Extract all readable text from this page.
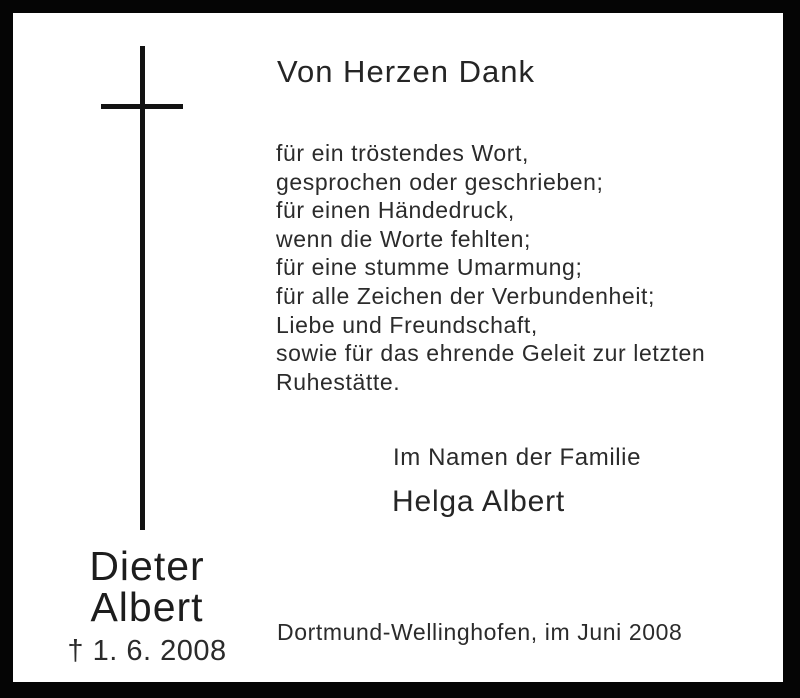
Von Herzen Dank
für ein tröstendes Wort,
gesprochen oder geschrieben;
für einen Händedruck,
wenn die Worte fehlten;
für eine stumme Umarmung;
für alle Zeichen der Verbundenheit;
Liebe und Freundschaft,
sowie für das ehrende Geleit zur letzten
Ruhestätte.
Im Namen der Familie
Helga Albert
Dieter
Albert
† 1. 6. 2008
Dortmund-Wellinghofen, im Juni 2008
